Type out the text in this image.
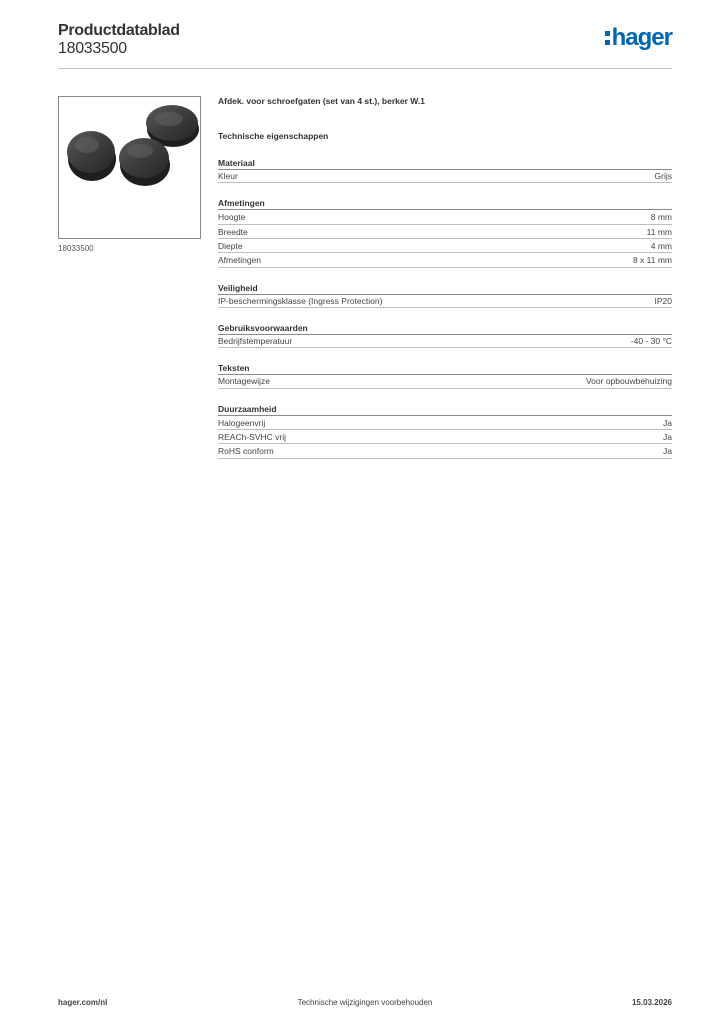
Productdatablad
18033500	hager
18033500
Afdek. voor schroefgaten (set van 4 st.), berker W.1
Technische eigenschappen
Materiaal
Kleur	Grijs
Afmetingen
Hoogte	8 mm
Breedte	11 mm
Diepte	4 mm
Afmetingen	8 x 11 mm
Veiligheid
IP-beschermingsklasse (Ingress Protection)	IP20
Gebruiksvoorwaarden
Bedrijfstemperatuur	-40 - 30 °C
Teksten
Montagewijze	Voor opbouwbehuizing
Duurzaamheid
Halogeenvrij	Ja
REACh-SVHC vrij	Ja
RoHS conform	Ja
hager.com/nl	Technische wijzigingen voorbehouden	15.03.2026
